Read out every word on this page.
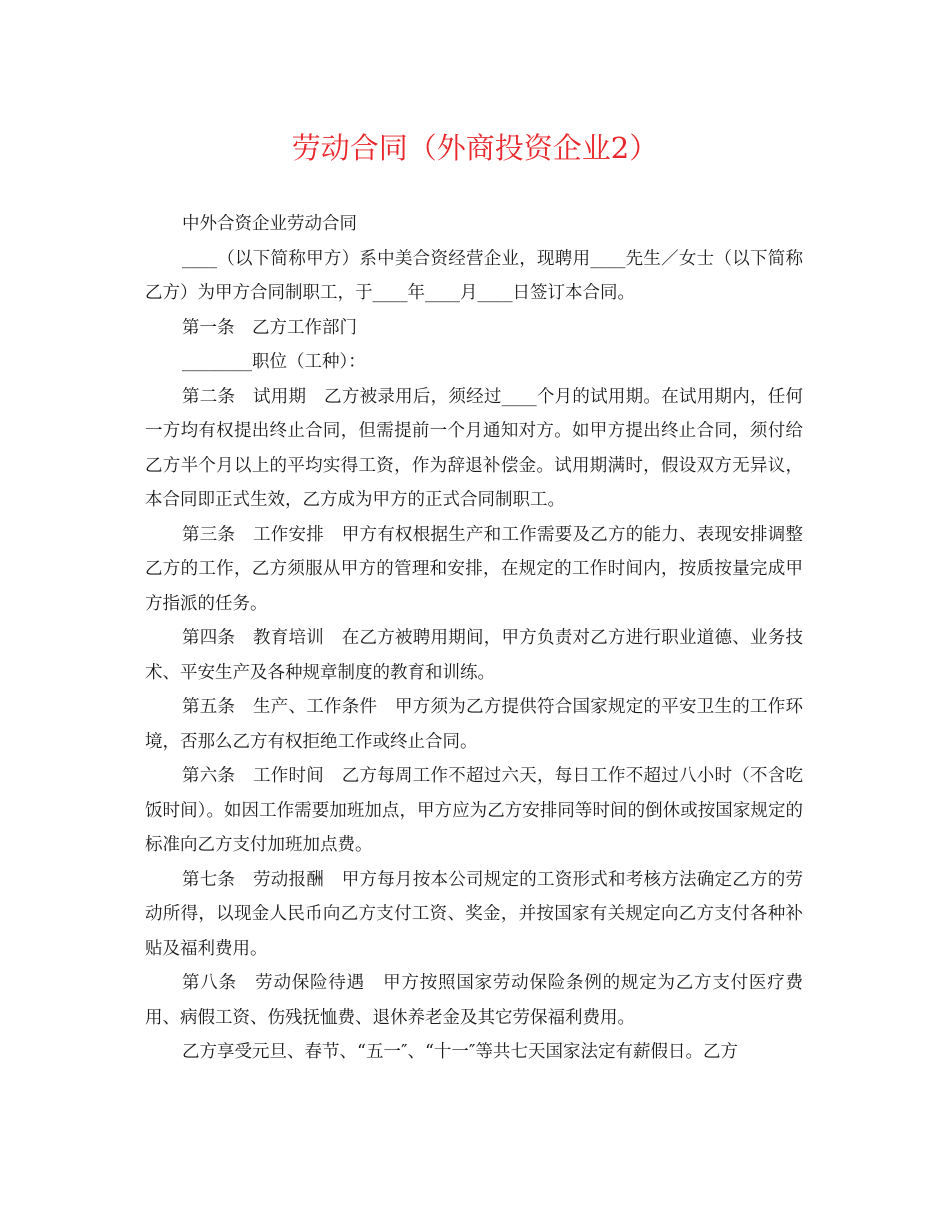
劳动合同（外商投资企业2）

中外合资企业劳动合同

____（以下简称甲方）系中美合资经营企业，现聘用____先生／女士（以下简称乙方）为甲方合同制职工，于____年____月____日签订本合同。

第一条　乙方工作部门

________职位（工种）：

第二条　试用期　乙方被录用后，须经过____个月的试用期。在试用期内，任何一方均有权提出终止合同，但需提前一个月通知对方。如甲方提出终止合同，须付给乙方半个月以上的平均实得工资，作为辞退补偿金。试用期满时，假设双方无异议，本合同即正式生效，乙方成为甲方的正式合同制职工。

第三条　工作安排　甲方有权根据生产和工作需要及乙方的能力、表现安排调整乙方的工作，乙方须服从甲方的管理和安排，在规定的工作时间内，按质按量完成甲方指派的任务。

第四条　教育培训　在乙方被聘用期间，甲方负责对乙方进行职业道德、业务技术、平安生产及各种规章制度的教育和训练。

第五条　生产、工作条件　甲方须为乙方提供符合国家规定的平安卫生的工作环境，否那么乙方有权拒绝工作或终止合同。

第六条　工作时间　乙方每周工作不超过六天，每日工作不超过八小时（不含吃饭时间）。如因工作需要加班加点，甲方应为乙方安排同等时间的倒休或按国家规定的标准向乙方支付加班加点费。

第七条　劳动报酬　甲方每月按本公司规定的工资形式和考核方法确定乙方的劳动所得，以现金人民币向乙方支付工资、奖金，并按国家有关规定向乙方支付各种补贴及福利费用。

第八条　劳动保险待遇　甲方按照国家劳动保险条例的规定为乙方支付医疗费用、病假工资、伤残抚恤费、退休养老金及其它劳保福利费用。

乙方享受元旦、春节、“五一″、“十一″等共七天国家法定有薪假日。乙方
